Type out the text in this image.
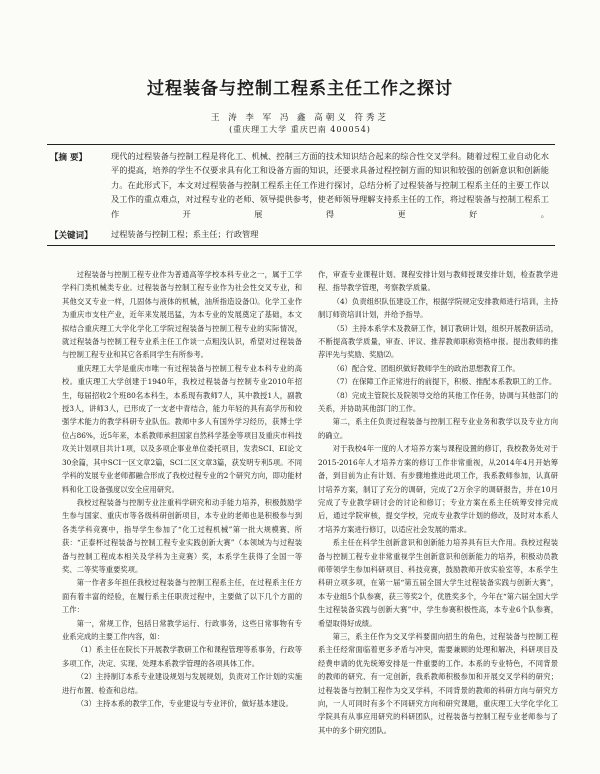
过程装备与控制工程系主任工作之探讨
王 涛 李 军 冯 鑫 高朝义 符秀芝
(重庆理工大学 重庆巴南 400054)
【摘 要】	现代的过程装备与控制工程是将化工、机械、控制三方面的技术知识结合起来的综合性交叉学科。随着过程工业自动化水平的提高，培养的学生不仅要求具有化工和设备方面的知识，还要求具备过程控制方面的知识和较强的创新意识和创新能力。在此形式下，本文对过程装备与控制工程系主任工作进行探讨，总结分析了过程装备与控制工程系主任的主要工作以及工作的重点难点，对过程专业的老师、领导提供参考，使老师领导理解支持系主任的工作，将过程装备与控制工程系工作开展得更好。
【关键词】 过程装备与控制工程；系主任；行政管理

过程装备与控制工程专业作为普通高等学校本科专业之一，属于工学学科门类机械类专业。过程装备与控制工程专业作为社会性交叉专业，和其他交叉专业一样，几固体与液体的机械，油所指造设备⑴。化学工业作为重庆市支柱产业，近年来发展迅猛，为本专业的发展奠定了基础，本文拟结合重庆理工大学化学化工学院过程装备与控制工程专业的实际情况，就过程装备与控制工程专业系主任工作谈一点粗浅认识，希望对过程装备与控制工程专业和其它各系同学生有所参考。

重庆理工大学是重庆市唯一有过程装备与控制工程专业本科专业的高校。重庆理工大学创建于1940年，我校过程装备与控制专业2010年招生，每届招收2个班80名本科生，本系现有教师7人，其中教授1人，副教授3人，讲师3人，已形成了一支老中青结合，能力年轻的具有高学历和较强学术能力的教学科研专业队伍。教师中多人有国外学习经历，获博士学位占86%，近5年来，本系教师承担国家自然科学基金等项目及重庆市科技攻关计划项目共计1项，以及多项企事业单位委托项目，发表SCI、EI论文30余篇，其中SCI一区文章2篇，SCI二区文章3篇，获发明专利5项。不同学科的发展专业老师都融合形成了我校过程专业的2个研究方向，即功能材料和化工设备强度以安全应用研究。

我校过程装备与控制专业注重科学研究和动手能力培养，积极鼓励学生参与国家、重庆市等各级科研创新项目，本专业的老师也是积极参与到各类学科竞赛中，指导学生参加了“化工过程机械”第一批大规模赛、所获：“正泰杯过程装备与控制工程专业实践创新大赛”（本领域为与过程装备与控制工程成本相关及学科为主竞赛）奖，本系学生获得了全国一等奖、二等奖等重要奖项。

第一作者多年担任我校过程装备与控制工程系主任，在过程系主任方面有着丰富的经验，在履行系主任职责过程中，主要做了以下几个方面的工作：

第一，常规工作，包括日常教学运行、行政事务，这些日常事物有专业系完成的主要工作内容，如：

（1）系主任在院长下开展教学教研工作和课程管理等系事务，行政等多项工作，决定、实现、处理本系教学管理的各项具体工作。

（2）主持制订本系专业建设规划与发展规划，负责对工作计划的实施进行布置、检查和总结。

（3）主持本系的教学工作，专业建设与专业评价，做好基本建设。

作，审查专业课程计划、课程安排计划与教师授课安排计划，检查教学进程、指导教学管理，考察教学质量。

（4）负责组织队伍建设工作，根据学院规定安排教师进行培训，主持制订师资培训计划，并给予指导。

（5）主持本系学术及教研工作，制订教研计划，组织开展教研活动，不断提高教学质量，审查、评议、推荐教师职称资格申报。提出教师的推荐评先与奖励、奖励⑵。

（6）配合党、团组织做好教师学生的政治思想教育工作。

（7）在保障工作正常进行的前提下，积极、推配本系教职工的工作。

（8）完成主管院长及院领导交给的其他工作任务，协调与其他部门的关系，并协助其他部门的工作。

第二，系主任负责过程装备与控制工程专业业务和教学以及专业方向的确立。

对于我校4年一度的人才培养方案与课程设置的修订，我校教务处对于2015-2016年人才培养方案的修订工作非常重视，从2014年4月开始筹备，到目前为止有计划、有步骤地推进此项工作，我系教师参加，认真研讨培养方案，制订了充分的调研，完成了2万余字的调研报告，并在10月完成了专业教学研讨会的讨论和修订；专业方案在系主任统筹安排完成后，通过学院审核，提交学校，完成专业教学计划的修改，及时对本系人才培养方案进行修订，以适应社会发展的需求。

系主任在科学生创新意识和创新能力培养具有巨大作用。我校过程装备与控制工程专业非常重视学生创新意识和创新能力的培养，积极动员教师带领学生参加科研项目、科技竞赛，鼓励教师开放实验室等，本系学生科研立项多项，在第一届“第五届全国大学生过程装备实践与创新大赛”，本专业组5个队参赛，获三等奖2个，优胜奖多个，今年在“第六届全国大学生过程装备实践与创新大赛”中，学生参赛积极性高，本专业6个队参赛，希望取得好成绩。

第三，系主任作为交叉学科要面向招生的角色，过程装备与控制工程系主任经常面临着更多矛盾与冲突，需要兼顾的处理和解决，科研项目及经费申请的优先统筹安排是一件重要的工作。本系的专业特色，不同背景的教师的研究、有一定创新，我系教师积极参加和开展交叉学科的研究；过程装备与控制工程作为交叉学科，不同背景的教师的科研方向与研究方向，一人可同时有多个不同研究方向和研究课题，重庆理工大学化学化工学院具有从事应用研究的科研团队，过程装备与控制工程专业老师参与了其中的多个研究团队。
